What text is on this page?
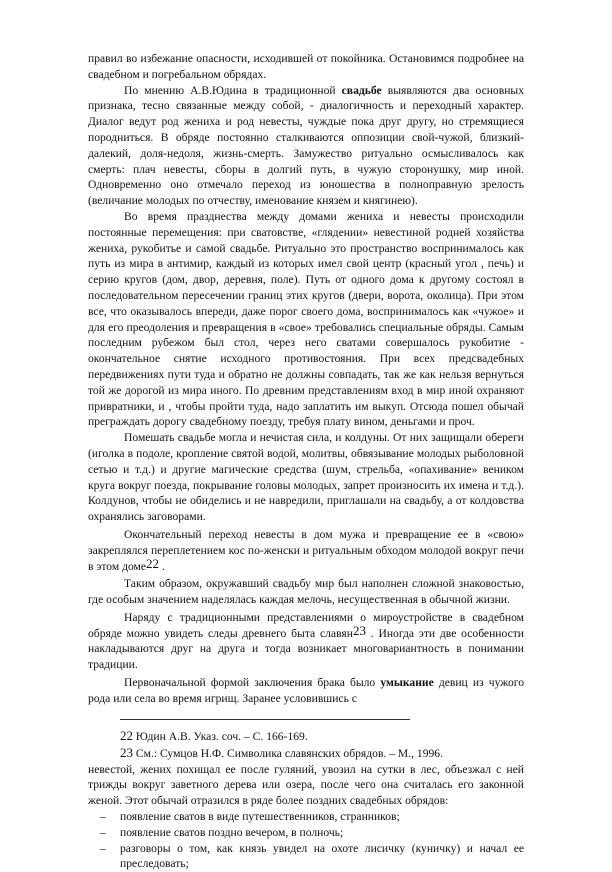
правил во избежание опасности, исходившей от покойника. Остановимся подробнее на свадебном и погребальном обрядах.

По мнению А.В.Юдина в традиционной свадьбе выявляются два основных признака, тесно связанные между собой, - диалогичность и переходный характер. Диалог ведут род жениха и род невесты, чуждые пока друг другу, но стремящиеся породниться. В обряде постоянно сталкиваются оппозиции свой-чужой, близкий-далекий, доля-недоля, жизнь-смерть. Замужество ритуально осмысливалось как смерть: плач невесты, сборы в долгий путь, в чужую сторонушку, мир иной. Одновременно оно отмечало переход из юношества в полноправную зрелость (величание молодых по отчеству, именование князем и княгинею).

Во время празднества между домами жениха и невесты происходили постоянные перемещения: при сватовстве, «глядении» невестиной родней хозяйства жениха, рукобитье и самой свадьбе. Ритуально это пространство воспринималось как путь из мира в антимир, каждый из которых имел свой центр (красный угол , печь) и серию кругов (дом, двор, деревня, поле). Путь от одного дома к другому состоял в последовательном пересечении границ этих кругов (двери, ворота, околица). При этом все, что оказывалось впереди, даже порог своего дома, воспринималось как «чужое» и для его преодоления и превращения в «свое» требовались специальные обряды. Самым последним рубежом был стол, через него сватами совершалось рукобитие - окончательное снятие исходного противостояния. При всех предсвадебных передвижениях пути туда и обратно не должны совпадать, так же как нельзя вернуться той же дорогой из мира иного. По древним представлениям вход в мир иной охраняют привратники, и , чтобы пройти туда, надо заплатить им выкуп. Отсюда пошел обычай преграждать дорогу свадебному поезду, требуя плату вином, деньгами и проч.

Помешать свадьбе могла и нечистая сила, и колдуны. От них защищали обереги (иголка в подоле, кропление святой водой, молитвы, обвязывание молодых рыболовной сетью и т.д.) и другие магические средства (шум, стрельба, «опахивание» веником круга вокруг поезда, покрывание головы молодых, запрет произносить их имена и т.д.). Колдунов, чтобы не обиделись и не навредили, приглашали на свадьбу, а от колдовства охранялись заговорами.

Окончательный переход невесты в дом мужа и превращение ее в «свою» закреплялся переплетением кос по-женски и ритуальным обходом молодой вокруг печи в этом доме$^{22}$ .

Таким образом, окружавший свадьбу мир был наполнен сложной знаковостью, где особым значением наделялась каждая мелочь, несущественная в обычной жизни.

Наряду с традиционными представлениями о мироустройстве в свадебном обряде можно увидеть следы древнего быта славян$^{23}$ . Иногда эти две особенности накладываются друг на друга и тогда возникает многовариантность в понимании традиции.

Первоначальной формой заключения брака было умыкание девиц из чужого рода или села во время игрищ. Заранее условившись с

22 Юдин А.В. Указ. соч. – С. 166-169.
23 См.: Сумцов Н.Ф. Символика славянских обрядов. – М., 1996.

невестой, жених похищал ее после гуляний, увозил на сутки в лес, объезжал с ней трижды вокруг заветного дерева или озера, после чего она считалась его законной женой. Этот обычай отразился в ряде более поздних свадебных обрядов:

–	появление сватов в виде путешественников, странников;
–	появление сватов поздно вечером, в полночь;
–	разговоры о том, как князь увидел на охоте лисичку (куничку) и начал ее преследовать;
